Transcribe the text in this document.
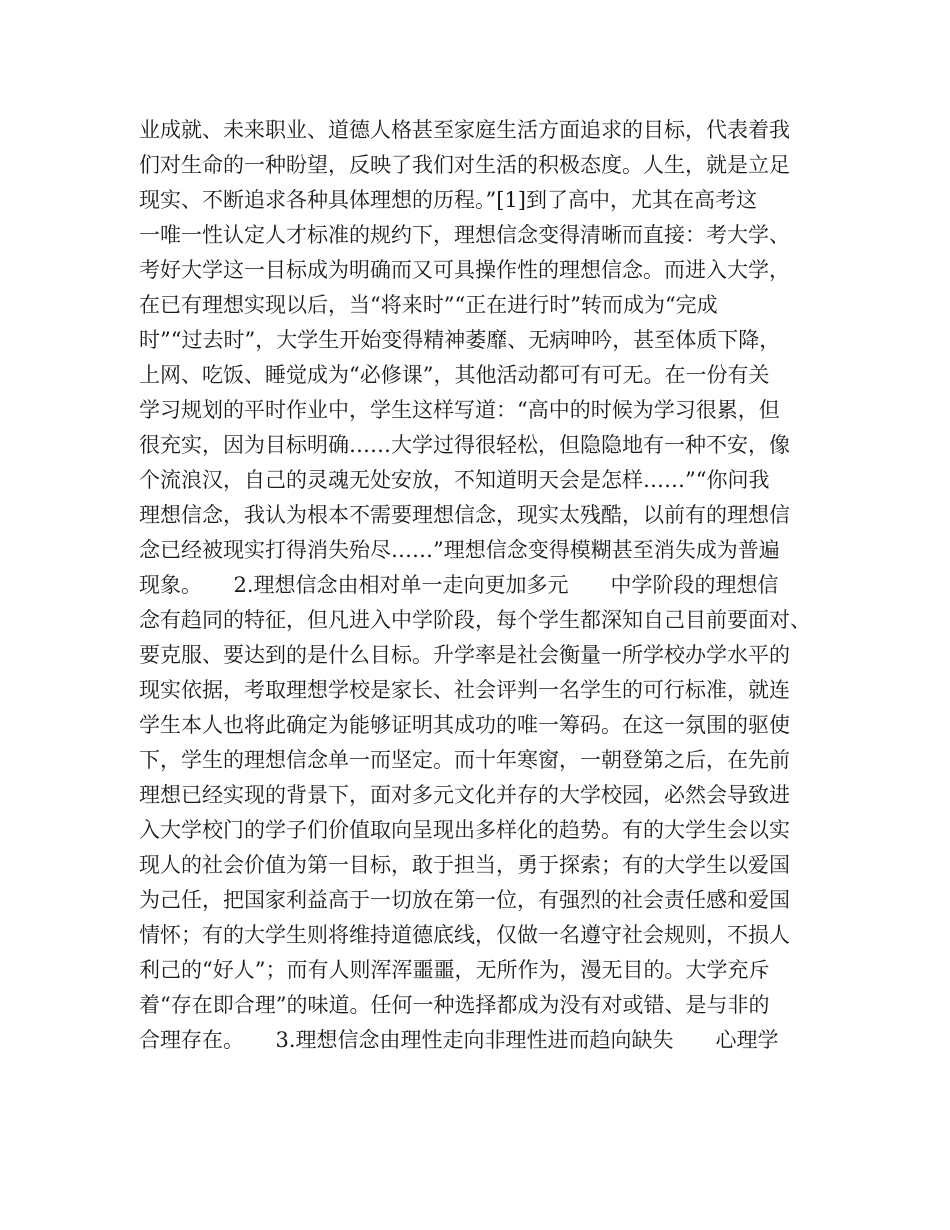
业成就、未来职业、道德人格甚至家庭生活方面追求的目标，代表着我
们对生命的一种盼望，反映了我们对生活的积极态度。人生，就是立足
现实、不断追求各种具体理想的历程。”[1]到了高中，尤其在高考这
一唯一性认定人才标准的规约下，理想信念变得清晰而直接：考大学、
考好大学这一目标成为明确而又可具操作性的理想信念。而进入大学，
在已有理想实现以后，当“将来时”“正在进行时”转而成为“完成
时”“过去时”，大学生开始变得精神萎靡、无病呻吟，甚至体质下降，
上网、吃饭、睡觉成为“必修课”，其他活动都可有可无。在一份有关
学习规划的平时作业中，学生这样写道：“高中的时候为学习很累，但
很充实，因为目标明确……大学过得很轻松，但隐隐地有一种不安，像
个流浪汉，自己的灵魂无处安放，不知道明天会是怎样……”“你问我
理想信念，我认为根本不需要理想信念，现实太残酷，以前有的理想信
念已经被现实打得消失殆尽……”理想信念变得模糊甚至消失成为普遍
现象。　　2.理想信念由相对单一走向更加多元　　中学阶段的理想信
念有趋同的特征，但凡进入中学阶段，每个学生都深知自己目前要面对、
要克服、要达到的是什么目标。升学率是社会衡量一所学校办学水平的
现实依据，考取理想学校是家长、社会评判一名学生的可行标准，就连
学生本人也将此确定为能够证明其成功的唯一筹码。在这一氛围的驱使
下，学生的理想信念单一而坚定。而十年寒窗，一朝登第之后，在先前
理想已经实现的背景下，面对多元文化并存的大学校园，必然会导致进
入大学校门的学子们价值取向呈现出多样化的趋势。有的大学生会以实
现人的社会价值为第一目标，敢于担当，勇于探索；有的大学生以爱国
为己任，把国家利益高于一切放在第一位，有强烈的社会责任感和爱国
情怀；有的大学生则将维持道德底线，仅做一名遵守社会规则，不损人
利己的“好人”；而有人则浑浑噩噩，无所作为，漫无目的。大学充斥
着“存在即合理”的味道。任何一种选择都成为没有对或错、是与非的
合理存在。　　3.理想信念由理性走向非理性进而趋向缺失　　心理学
